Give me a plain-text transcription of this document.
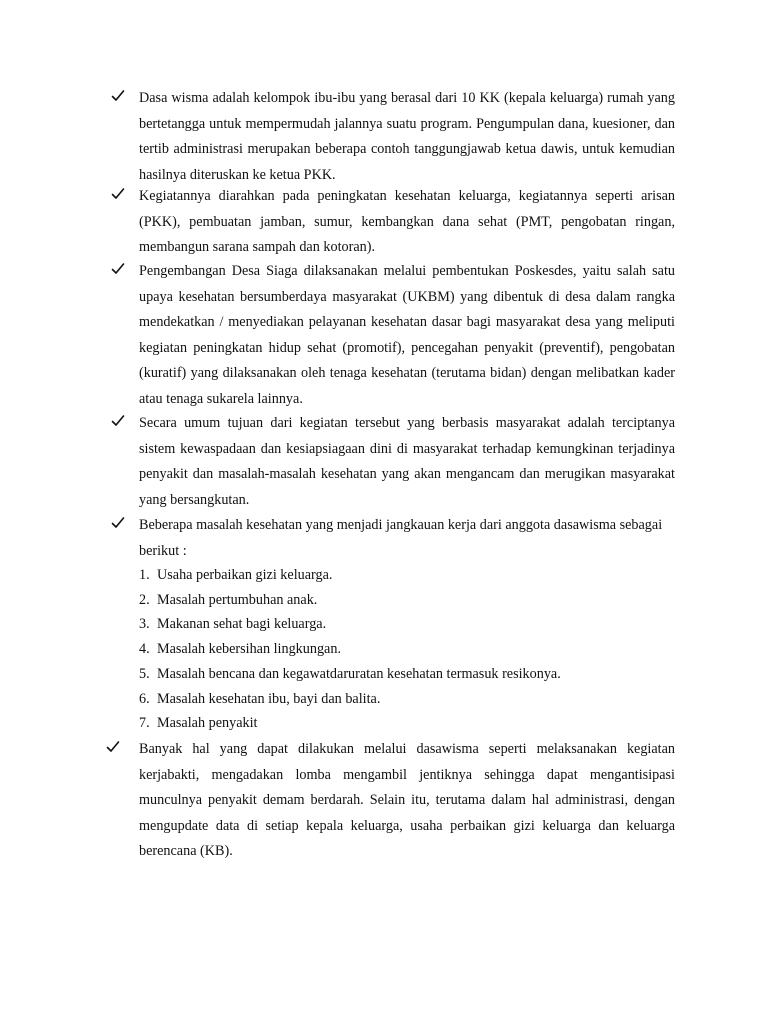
Dasa wisma adalah kelompok ibu-ibu yang berasal dari 10 KK (kepala keluarga) rumah yang bertetangga untuk mempermudah jalannya suatu program. Pengumpulan dana, kuesioner, dan tertib administrasi merupakan beberapa contoh tanggungjawab ketua dawis, untuk kemudian hasilnya diteruskan ke ketua PKK.
Kegiatannya diarahkan pada peningkatan kesehatan keluarga, kegiatannya seperti arisan (PKK), pembuatan jamban, sumur, kembangkan dana sehat (PMT, pengobatan ringan, membangun sarana sampah dan kotoran).
Pengembangan Desa Siaga dilaksanakan melalui pembentukan Poskesdes, yaitu salah satu upaya kesehatan bersumberdaya masyarakat (UKBM) yang dibentuk di desa dalam rangka mendekatkan / menyediakan pelayanan kesehatan dasar bagi masyarakat desa yang meliputi kegiatan peningkatan hidup sehat (promotif), pencegahan penyakit (preventif), pengobatan (kuratif) yang dilaksanakan oleh tenaga kesehatan (terutama bidan) dengan melibatkan kader atau tenaga sukarela lainnya.
Secara umum tujuan dari kegiatan tersebut yang berbasis masyarakat adalah terciptanya sistem kewaspadaan dan kesiapsiagaan dini di masyarakat terhadap kemungkinan terjadinya penyakit dan masalah-masalah kesehatan yang akan mengancam dan merugikan masyarakat yang bersangkutan.
Beberapa masalah kesehatan yang menjadi jangkauan kerja dari anggota dasawisma sebagai berikut :
1. Usaha perbaikan gizi keluarga.
2. Masalah pertumbuhan anak.
3. Makanan sehat bagi keluarga.
4. Masalah kebersihan lingkungan.
5. Masalah bencana dan kegawatdaruratan kesehatan termasuk resikonya.
6. Masalah kesehatan ibu, bayi dan balita.
7. Masalah penyakit
Banyak hal yang dapat dilakukan melalui dasawisma seperti melaksanakan kegiatan kerjabakti, mengadakan lomba mengambil jentiknya sehingga dapat mengantisipasi munculnya penyakit demam berdarah. Selain itu, terutama dalam hal administrasi, dengan mengupdate data di setiap kepala keluarga, usaha perbaikan gizi keluarga dan keluarga berencana (KB).
